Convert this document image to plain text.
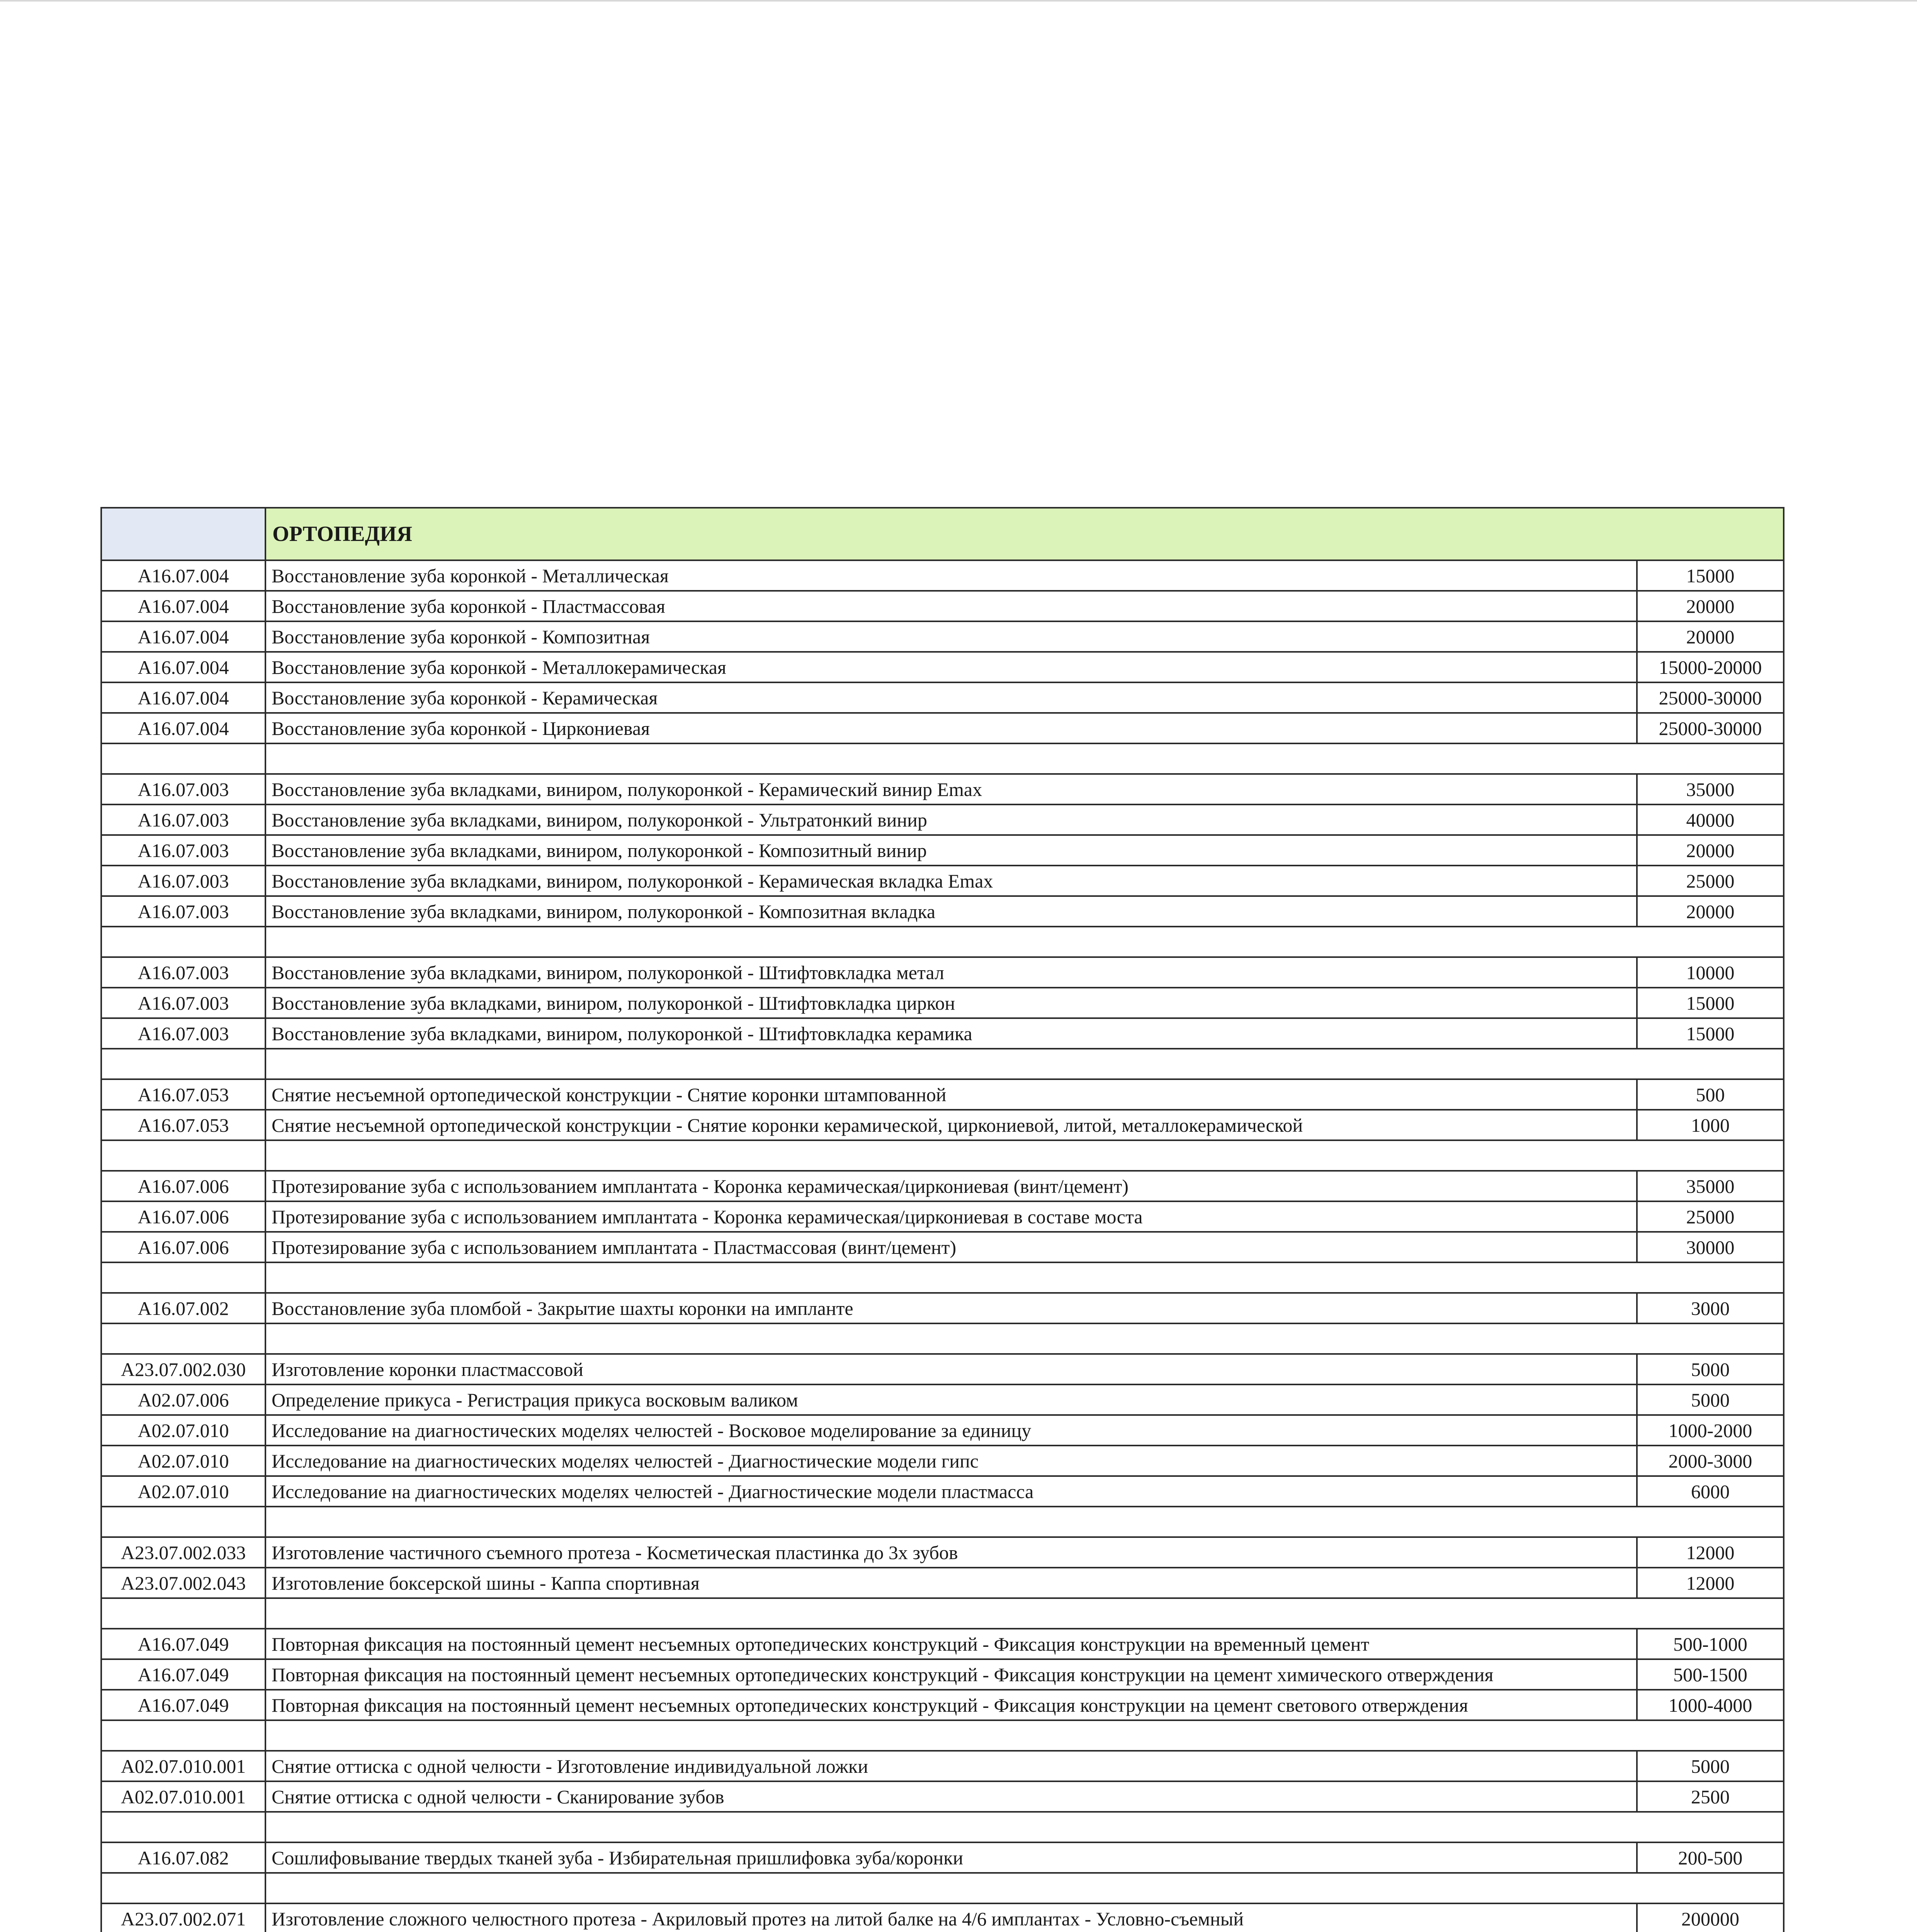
	ОРТОПЕДИЯ	
A16.07.004	Восстановление зуба коронкой - Металлическая	15000
A16.07.004	Восстановление зуба коронкой - Пластмассовая	20000
A16.07.004	Восстановление зуба коронкой - Композитная	20000
A16.07.004	Восстановление зуба коронкой - Металлокерамическая	15000-20000
A16.07.004	Восстановление зуба коронкой - Керамическая	25000-30000
A16.07.004	Восстановление зуба коронкой - Циркониевая	25000-30000

A16.07.003	Восстановление зуба вкладками, виниром, полукоронкой - Керамический винир Emax	35000
A16.07.003	Восстановление зуба вкладками, виниром, полукоронкой - Ультратонкий винир	40000
A16.07.003	Восстановление зуба вкладками, виниром, полукоронкой - Композитный винир	20000
A16.07.003	Восстановление зуба вкладками, виниром, полукоронкой - Керамическая вкладка Emax	25000
A16.07.003	Восстановление зуба вкладками, виниром, полукоронкой - Композитная вкладка	20000

A16.07.003	Восстановление зуба вкладками, виниром, полукоронкой - Штифтовкладка метал	10000
A16.07.003	Восстановление зуба вкладками, виниром, полукоронкой - Штифтовкладка циркон	15000
A16.07.003	Восстановление зуба вкладками, виниром, полукоронкой - Штифтовкладка керамика	15000

A16.07.053	Снятие несъемной ортопедической конструкции - Снятие коронки штампованной	500
A16.07.053	Снятие несъемной ортопедической конструкции - Снятие коронки керамической, циркониевой, литой, металлокерамической	1000

A16.07.006	Протезирование зуба с использованием имплантата - Коронка керамическая/циркониевая (винт/цемент)	35000
A16.07.006	Протезирование зуба с использованием имплантата - Коронка керамическая/циркониевая в составе моста	25000
A16.07.006	Протезирование зуба с использованием имплантата - Пластмассовая (винт/цемент)	30000

A16.07.002	Восстановление зуба пломбой - Закрытие шахты коронки на импланте	3000

A23.07.002.030	Изготовление коронки пластмассовой	5000
A02.07.006	Определение прикуса - Регистрация прикуса восковым валиком	5000
A02.07.010	Исследование на диагностических моделях челюстей - Восковое моделирование за единицу	1000-2000
A02.07.010	Исследование на диагностических моделях челюстей - Диагностические модели гипс	2000-3000
A02.07.010	Исследование на диагностических моделях челюстей - Диагностические модели пластмасса	6000

A23.07.002.033	Изготовление частичного съемного протеза - Косметическая пластинка до 3х зубов	12000
A23.07.002.043	Изготовление боксерской шины - Каппа спортивная	12000

A16.07.049	Повторная фиксация на постоянный цемент несъемных ортопедических конструкций - Фиксация конструкции на временный цемент	500-1000
A16.07.049	Повторная фиксация на постоянный цемент несъемных ортопедических конструкций - Фиксация конструкции на цемент химического отверждения	500-1500
A16.07.049	Повторная фиксация на постоянный цемент несъемных ортопедических конструкций - Фиксация конструкции на цемент светового отверждения	1000-4000

A02.07.010.001	Снятие оттиска с одной челюсти - Изготовление индивидуальной ложки	5000
A02.07.010.001	Снятие оттиска с одной челюсти - Сканирование зубов	2500

A16.07.082	Сошлифовывание твердых тканей зуба - Избирательная пришлифовка зуба/коронки	200-500

A23.07.002.071	Изготовление сложного челюстного протеза - Акриловый протез на литой балке на 4/6 имплантах - Условно-съемный	200000
